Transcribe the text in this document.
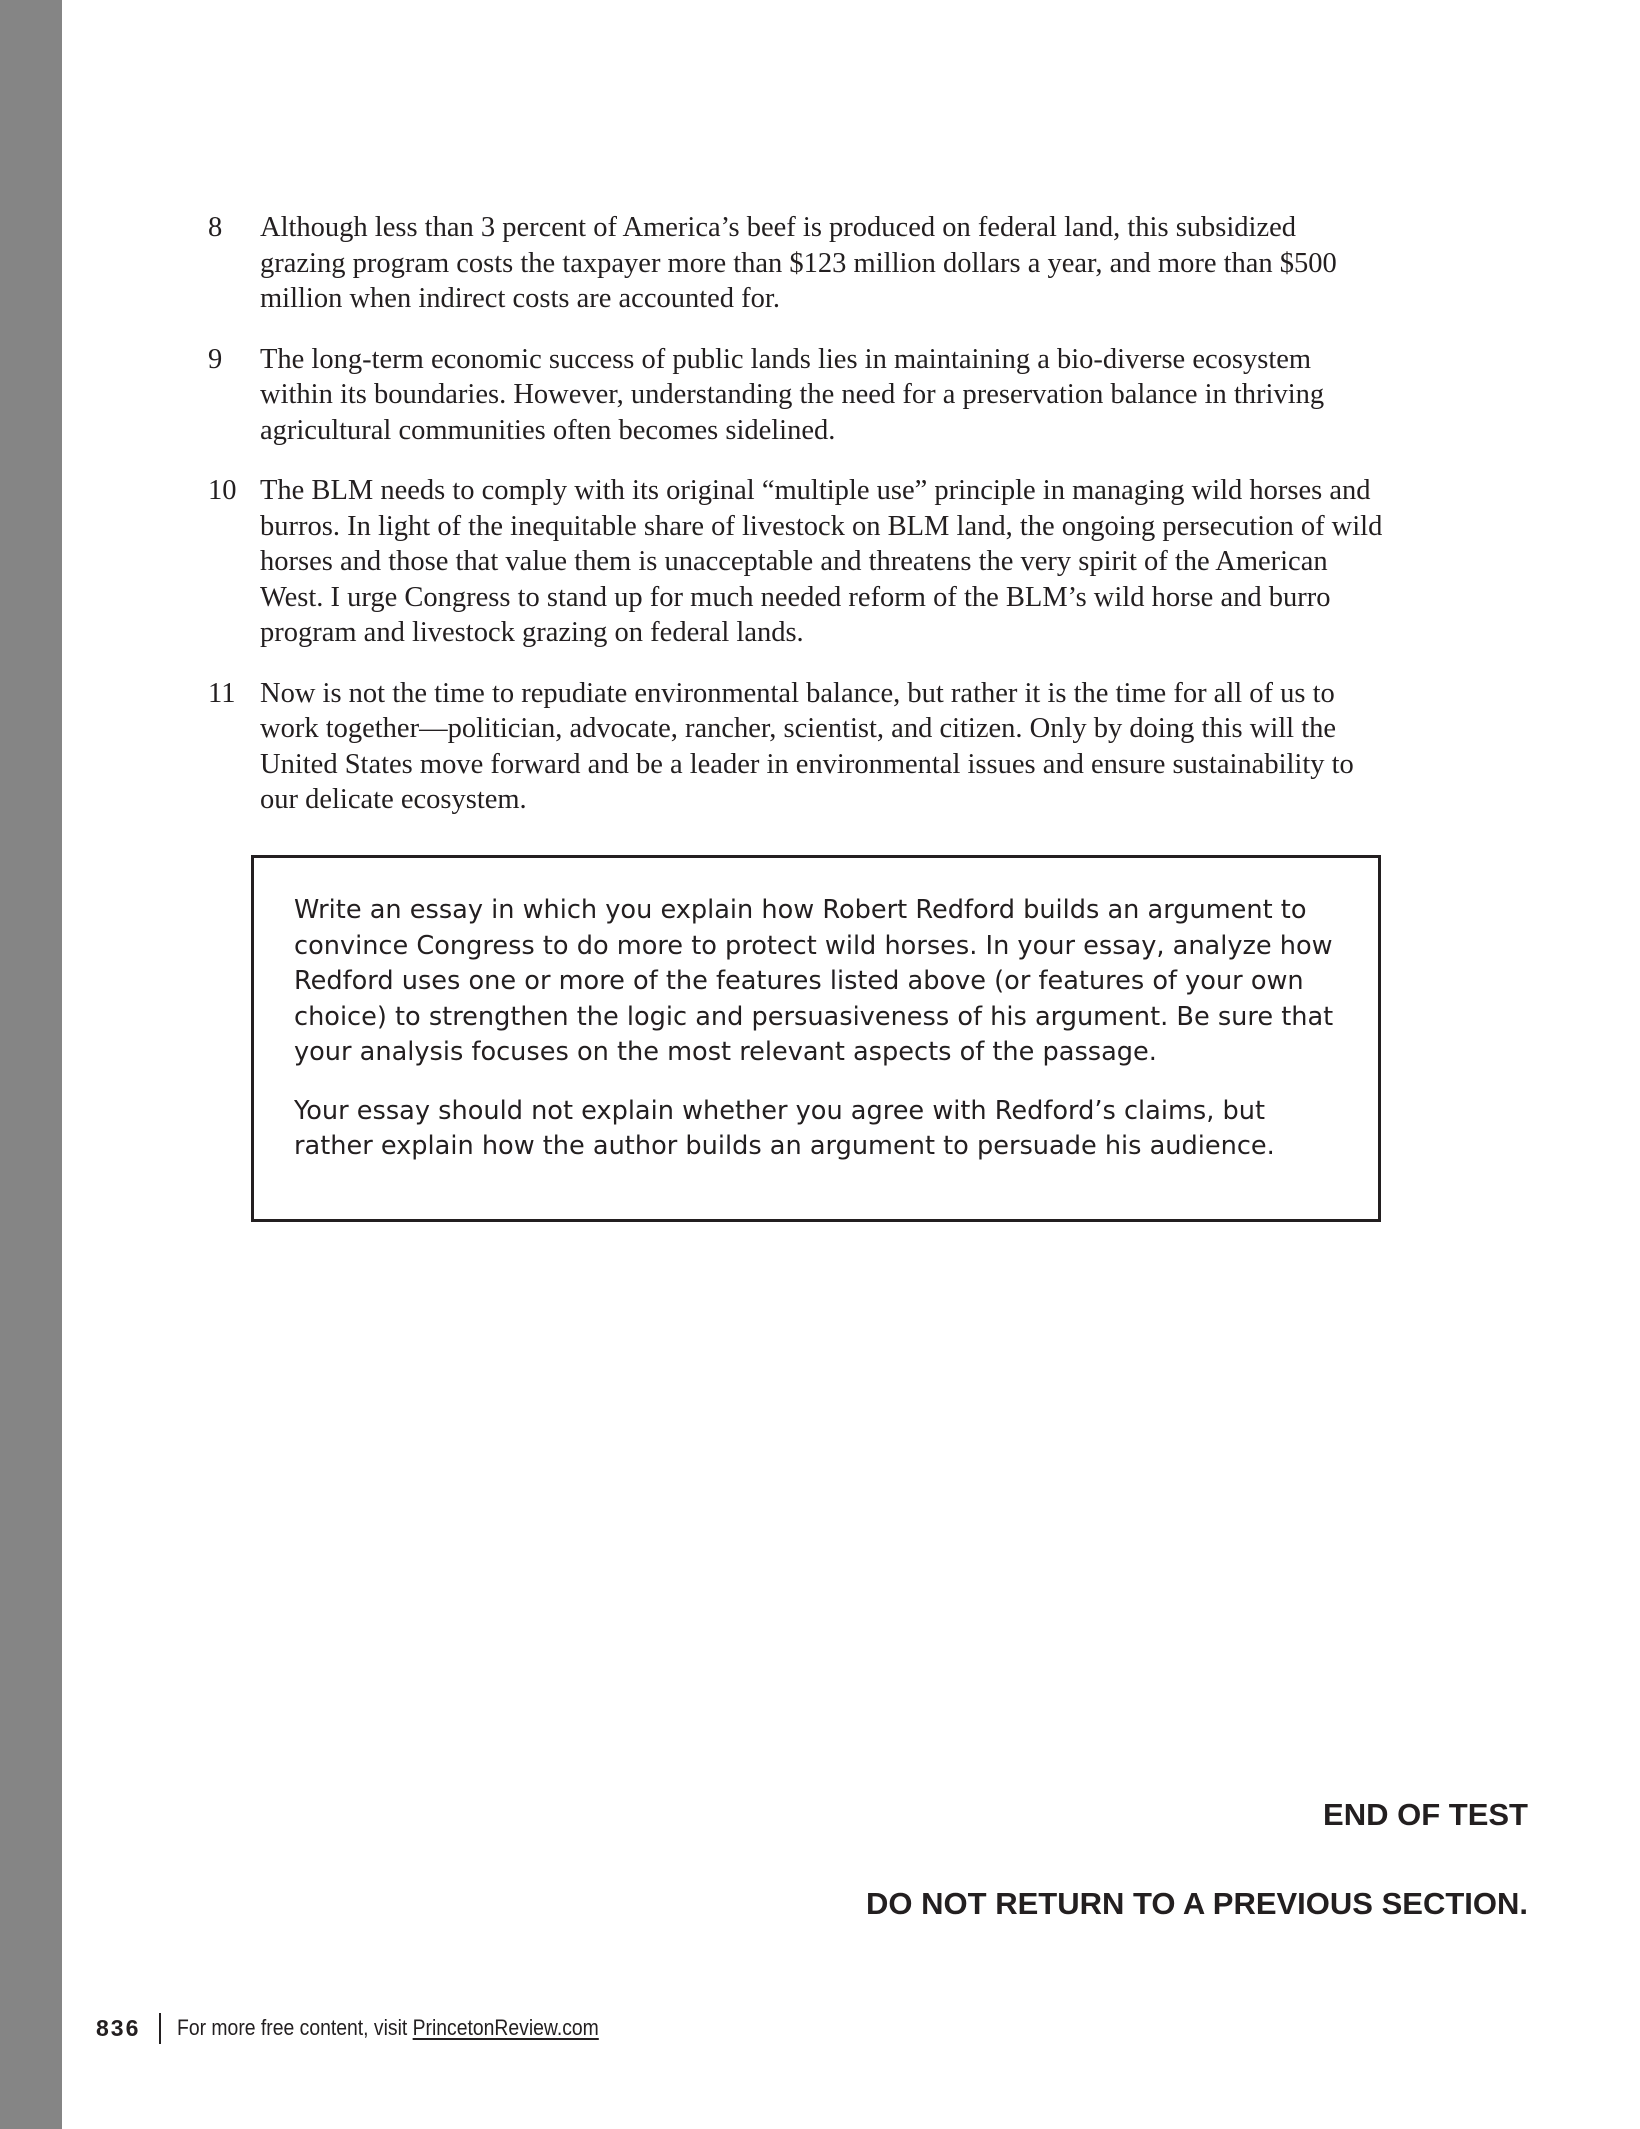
8 Although less than 3 percent of America’s beef is produced on federal land, this subsidized grazing program costs the taxpayer more than $123 million dollars a year, and more than $500 million when indirect costs are accounted for.
9 The long-term economic success of public lands lies in maintaining a bio-diverse ecosystem within its boundaries. However, understanding the need for a preservation balance in thriving agricultural communities often becomes sidelined.
10 The BLM needs to comply with its original “multiple use” principle in managing wild horses and burros. In light of the inequitable share of livestock on BLM land, the ongoing persecution of wild horses and those that value them is unacceptable and threatens the very spirit of the American West. I urge Congress to stand up for much needed reform of the BLM’s wild horse and burro program and livestock grazing on federal lands.
11 Now is not the time to repudiate environmental balance, but rather it is the time for all of us to work together—politician, advocate, rancher, scientist, and citizen. Only by doing this will the United States move forward and be a leader in environmental issues and ensure sustainability to our delicate ecosystem.

Write an essay in which you explain how Robert Redford builds an argument to convince Congress to do more to protect wild horses. In your essay, analyze how Redford uses one or more of the features listed above (or features of your own choice) to strengthen the logic and persuasiveness of his argument. Be sure that your analysis focuses on the most relevant aspects of the passage.

Your essay should not explain whether you agree with Redford’s claims, but rather explain how the author builds an argument to persuade his audience.

END OF TEST
DO NOT RETURN TO A PREVIOUS SECTION.
836 For more free content, visit PrincetonReview.com
